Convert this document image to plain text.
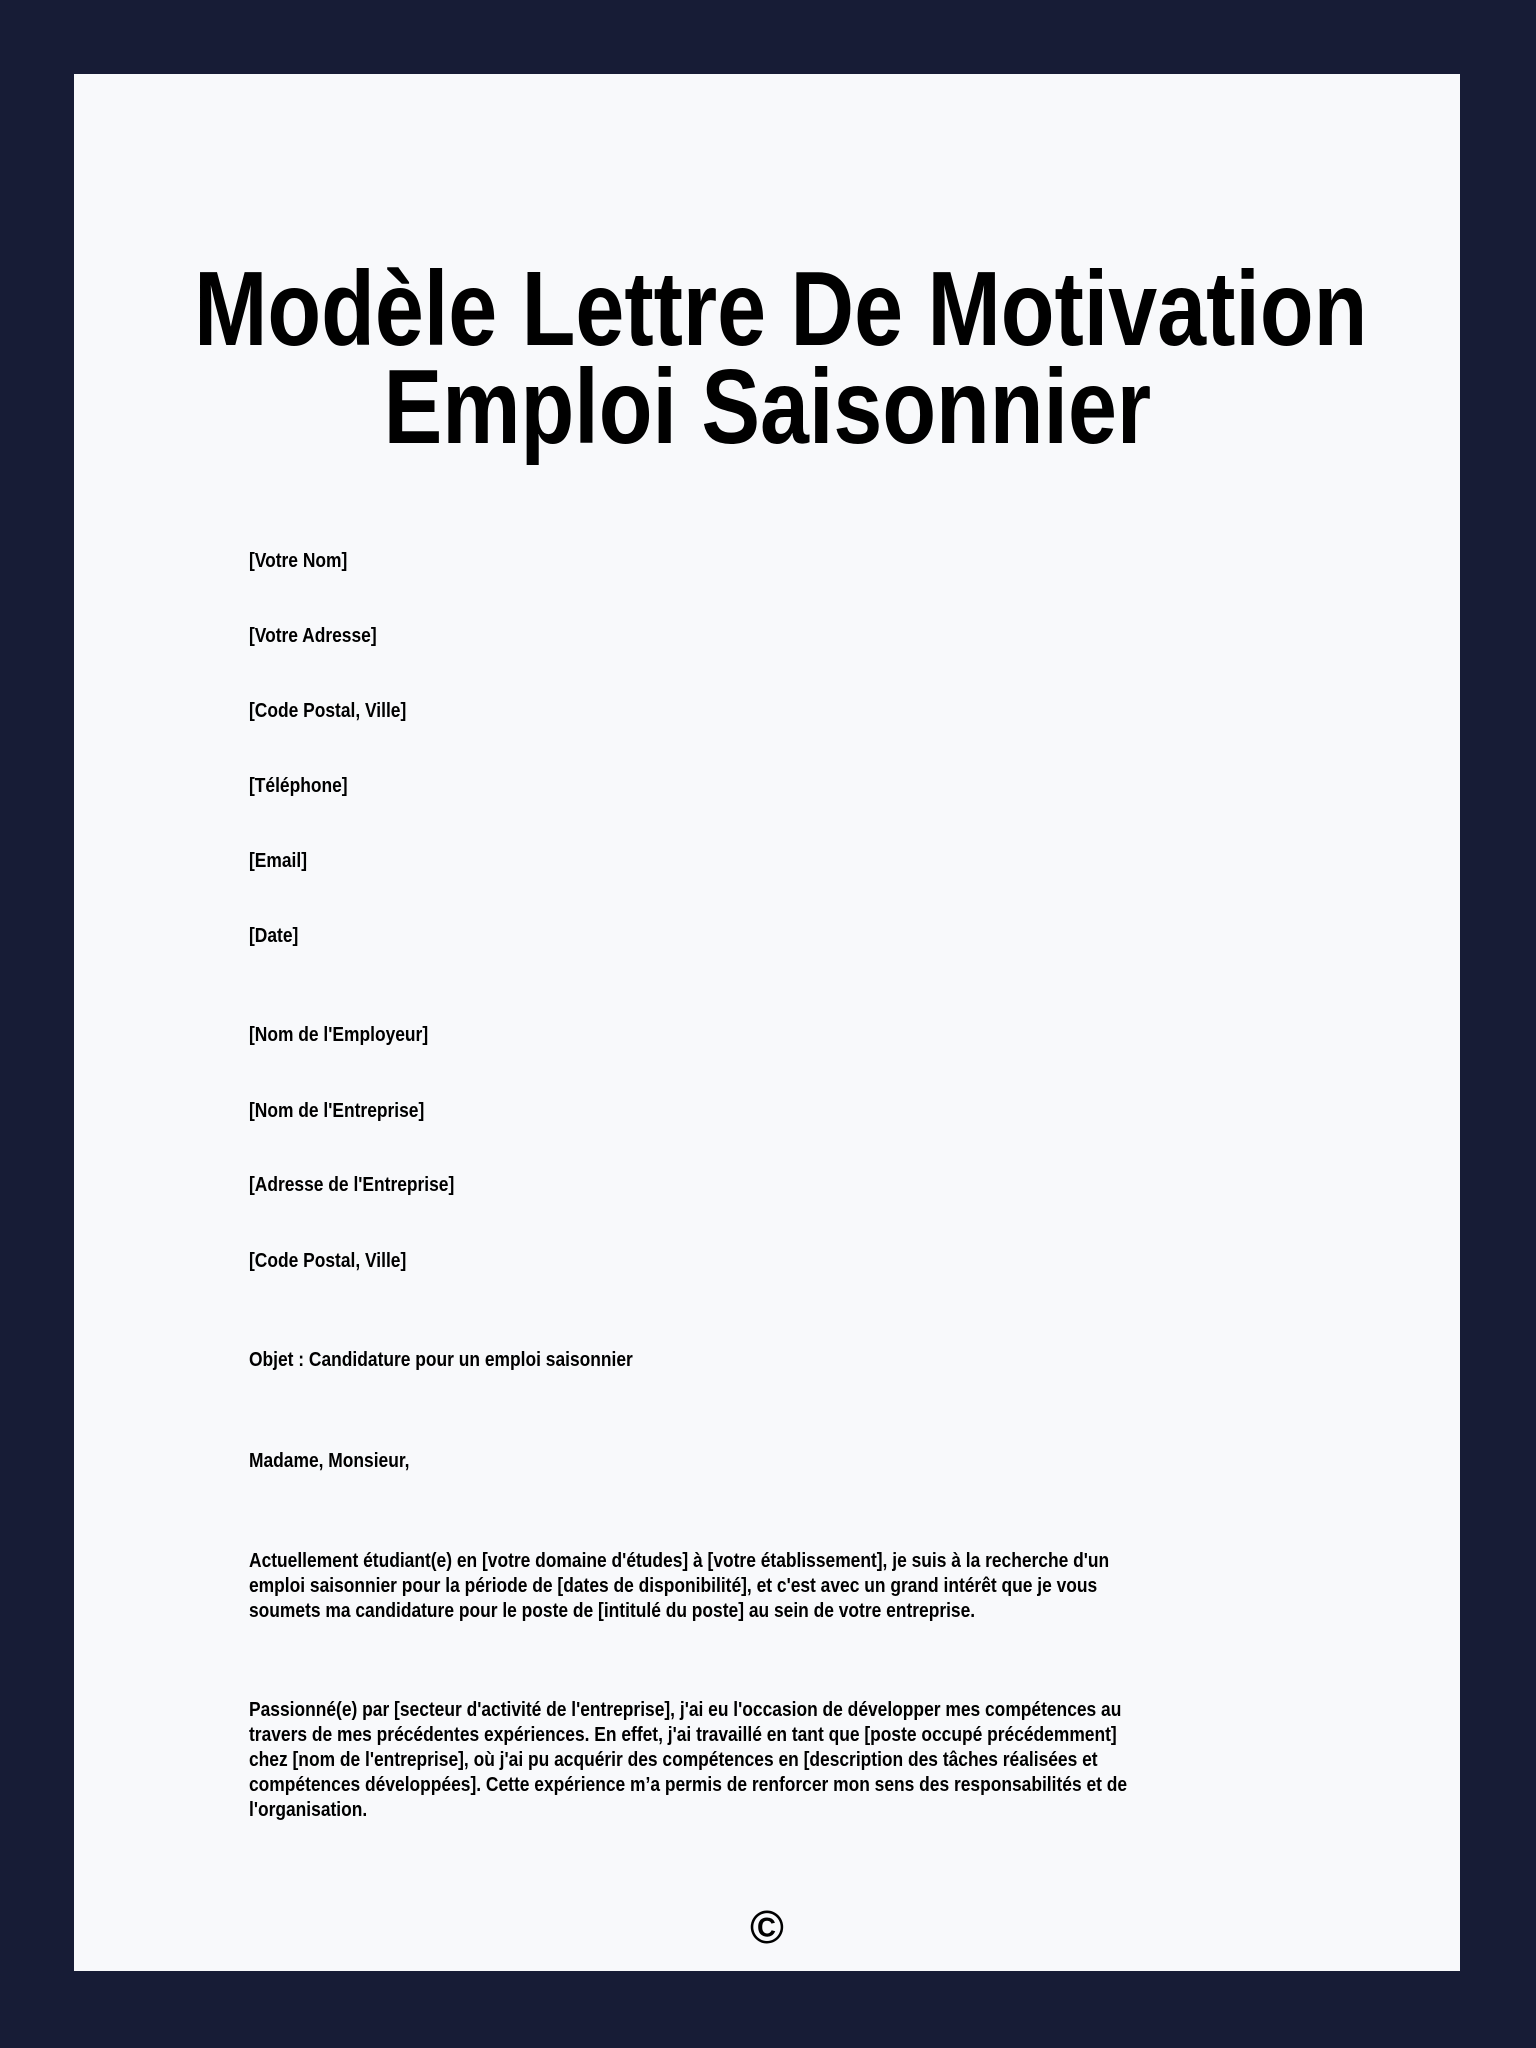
Modèle Lettre De Motivation
Emploi Saisonnier
[Votre Nom]
[Votre Adresse]
[Code Postal, Ville]
[Téléphone]
[Email]
[Date]
[Nom de l'Employeur]
[Nom de l'Entreprise]
[Adresse de l'Entreprise]
[Code Postal, Ville]
Objet : Candidature pour un emploi saisonnier
Madame, Monsieur,
Actuellement étudiant(e) en [votre domaine d'études] à [votre établissement], je suis à la recherche d'un
emploi saisonnier pour la période de [dates de disponibilité], et c'est avec un grand intérêt que je vous
soumets ma candidature pour le poste de [intitulé du poste] au sein de votre entreprise.
Passionné(e) par [secteur d'activité de l'entreprise], j'ai eu l'occasion de développer mes compétences au
travers de mes précédentes expériences. En effet, j'ai travaillé en tant que [poste occupé précédemment]
chez [nom de l'entreprise], où j'ai pu acquérir des compétences en [description des tâches réalisées et
compétences développées]. Cette expérience m’a permis de renforcer mon sens des responsabilités et de
l'organisation.
©
